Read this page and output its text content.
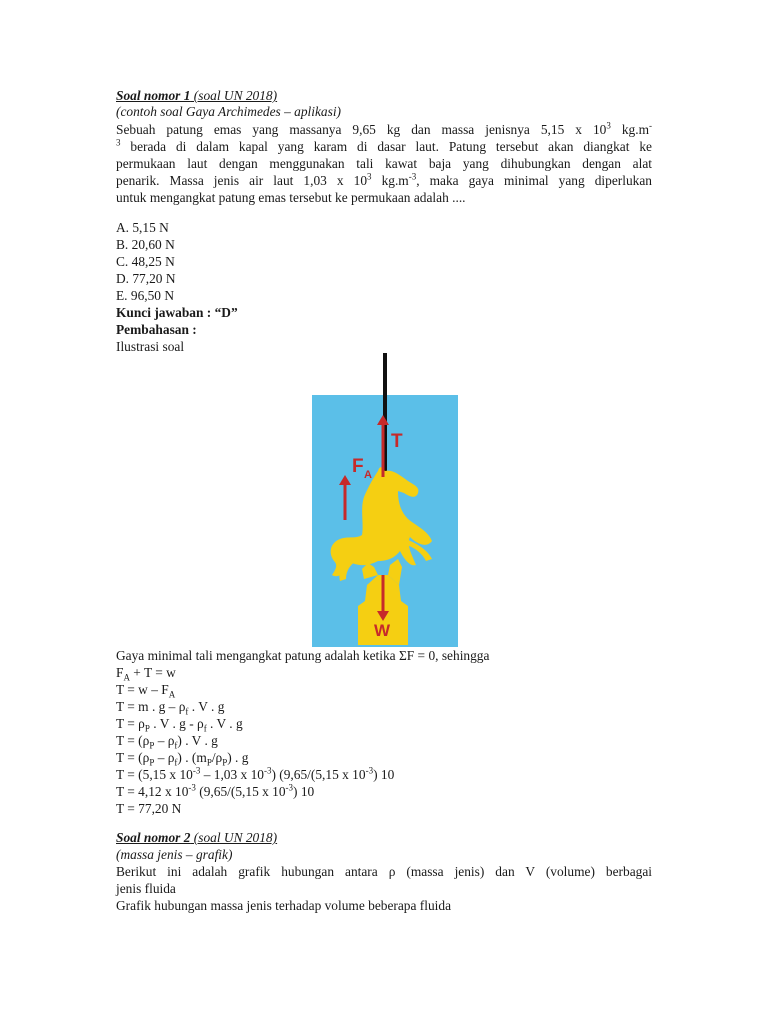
Soal nomor 1 (soal UN 2018)
(contoh soal Gaya Archimedes – aplikasi)
Sebuah patung emas yang massanya 9,65 kg dan massa jenisnya 5,15 x $10^3$ kg.m-
$^3$ berada di dalam kapal yang karam di dasar laut. Patung tersebut akan diangkat ke
permukaan laut dengan menggunakan tali kawat baja yang dihubungkan dengan alat
penarik. Massa jenis air laut 1,03 x $10^3$ $kg.m^{-3}$, maka gaya minimal yang diperlukan
untuk mengangkat patung emas tersebut ke permukaan adalah ....
A. 5,15 N
B. 20,60 N
C. 48,25 N
D. 77,20 N
E. 96,50 N
Kunci jawaban : “D”
Pembahasan :
Ilustrasi soal
T
F A
W
Gaya minimal tali mengangkat patung adalah ketika ΣF = 0, sehingga
$F_A + T = w$
$T = w - F_A$
T = m . g – $\rho_f$ . V . g
$T = \rho_P$ . V . g - $\rho_f$ . V . g
$T = (\rho_P - \rho_f)$ . V . g
$T = (\rho_P - \rho_f)$ . $(m_P/\rho_P)$ . g
T = (5,15 x $10^{-3} - 1,03$ x $10^{-3}$) (9,65/(5,15 x $10^{-3}$) 10
T = 4,12 x $10^{-3}$ (9,65/(5,15 x $10^{-3}$) 10
T = 77,20 N
Soal nomor 2 (soal UN 2018)
(massa jenis – grafik)
Berikut ini adalah grafik hubungan antara ρ (massa jenis) dan V (volume) berbagai
jenis fluida
Grafik hubungan massa jenis terhadap volume beberapa fluida
